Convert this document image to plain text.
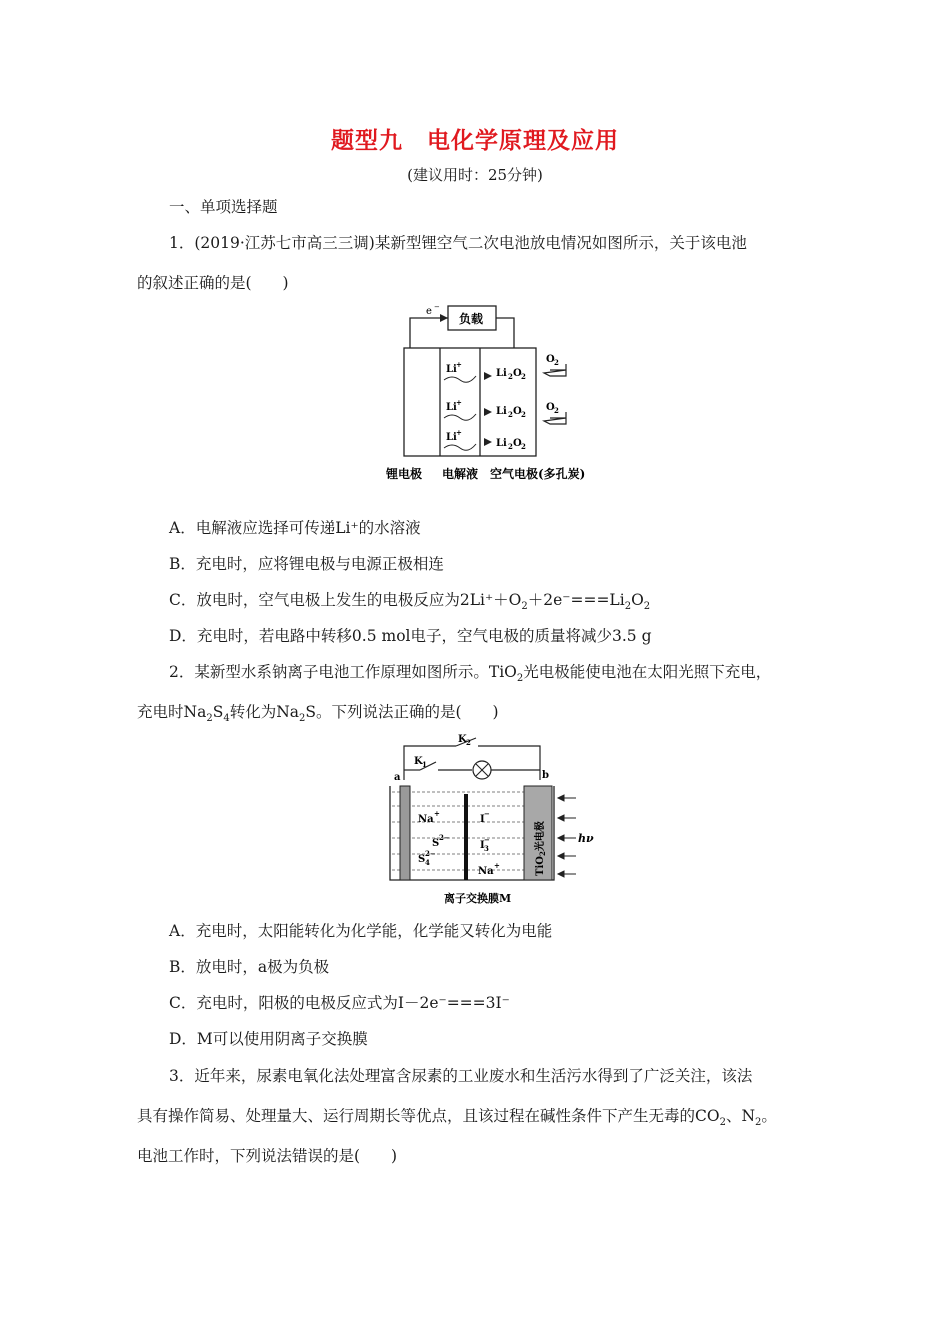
题型九　电化学原理及应用
(建议用时：25分钟)
一、单项选择题
1．(2019·江苏七市高三三调)某新型锂空气二次电池放电情况如图所示，关于该电池
的叙述正确的是(　　)
e −
负载
Li +
Li +
Li +
Li 2 O 2
Li 2 O 2
Li 2 O 2
O 2
O 2
锂电极 电解液 空气电极(多孔炭)
A．电解液应选择可传递Li⁺的水溶液
B．充电时，应将锂电极与电源正极相连
C．放电时，空气电极上发生的电极反应为$2Li^++O_2+2e^-===Li_2O_2$
D．充电时，若电路中转移0.5 mol电子，空气电极的质量将减少3.5 g
2．某新型水系钠离子电池工作原理如图所示。TiO$_2$光电极能使电池在太阳光照下充电，
充电时$Na_2S_4$转化为$Na_2S$。下列说法正确的是(　　)
K 2
K 1
a	b
TiO$_2$光电极
Na
+
S
2−
S
2−
4
I
−
I
−
3
Na
+
hν
离子交换膜M
A．充电时，太阳能转化为化学能，化学能又转化为电能
B．放电时，a极为负极
C．充电时，阳极的电极反应式为I－2e⁻===3I⁻
D．M可以使用阴离子交换膜
3．近年来，尿素电氧化法处理富含尿素的工业废水和生活污水得到了广泛关注，该法
具有操作简易、处理量大、运行周期长等优点，且该过程在碱性条件下产生无毒的$CO_2$、$N_2$。
电池工作时，下列说法错误的是(　　)
